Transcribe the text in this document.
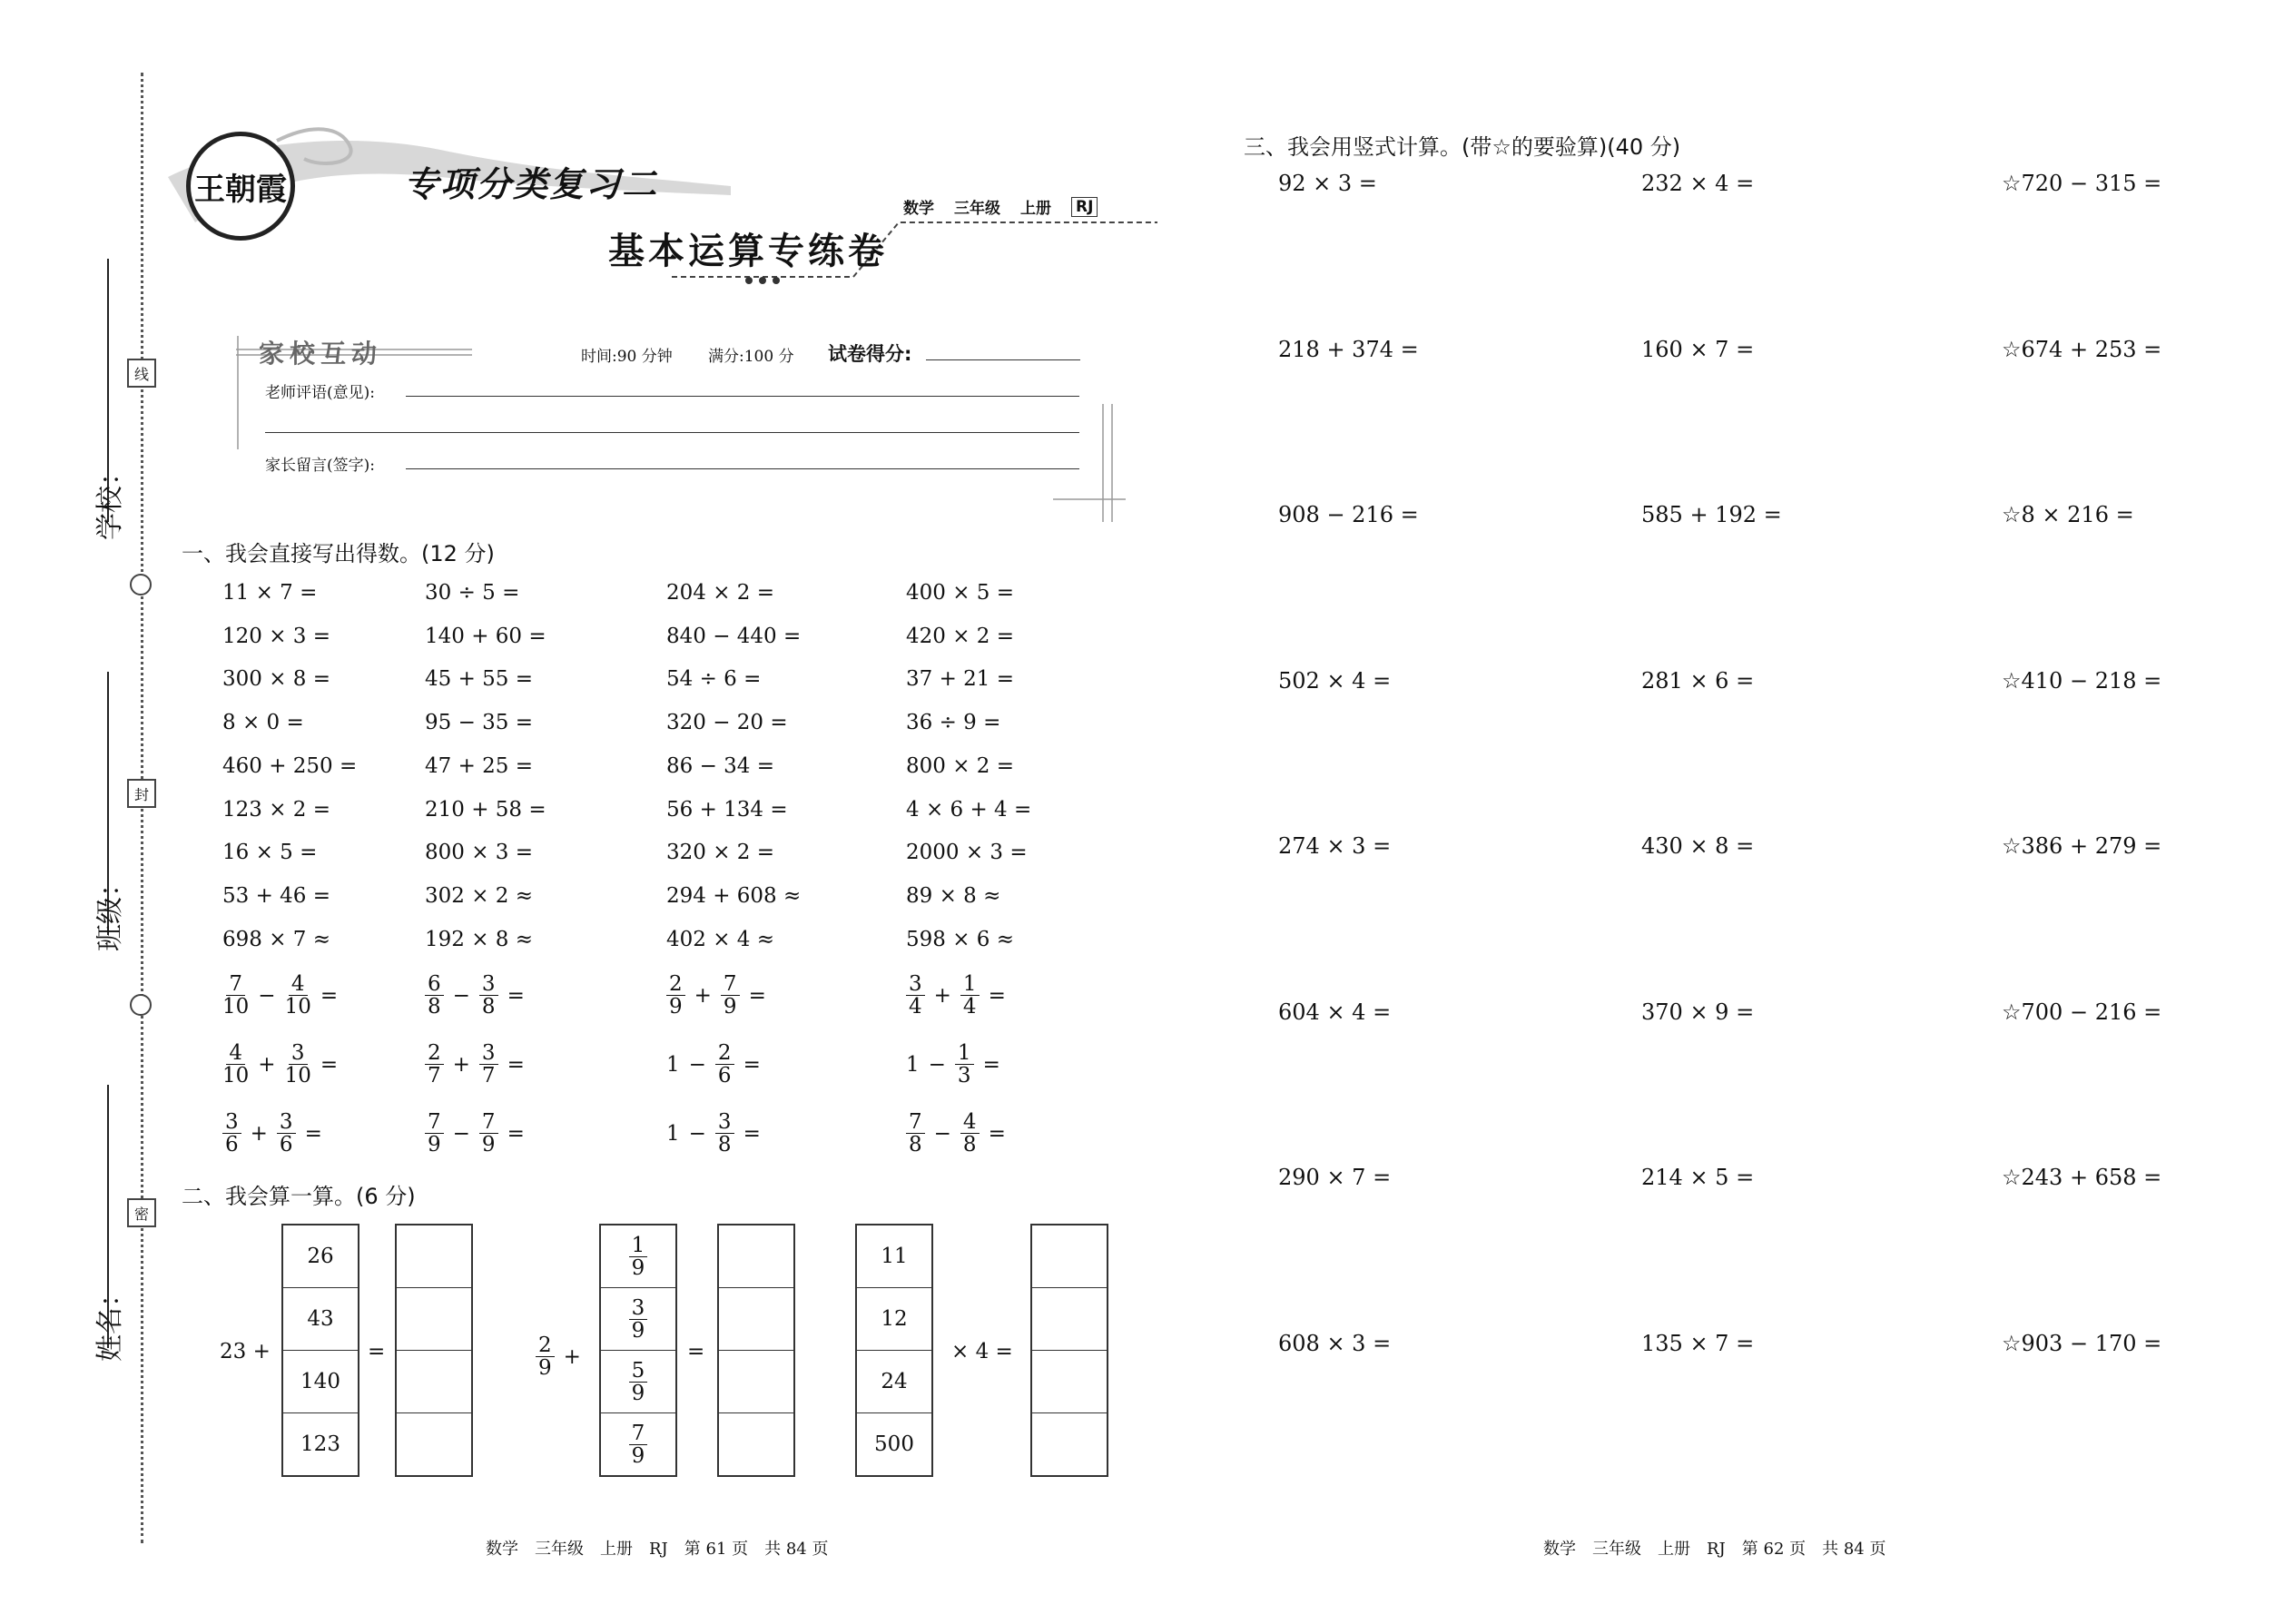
学校：
班级：
姓名：
线
封
密
王朝霞	专项分类复习二
数学 三年级 上册 RJ
基本运算专练卷
家校互动	时间:90 分钟 满分:100 分 试卷得分:
老师评语(意见):
家长留言(签字):
一、我会直接写出得数。(12 分)
11 × 7 =	30 ÷ 5 =	204 × 2 =	400 × 5 =
120 × 3 =	140 + 60 =	840 − 440 =	420 × 2 =
300 × 8 =	45 + 55 =	54 ÷ 6 =	37 + 21 =
8 × 0 =	95 − 35 =	320 − 20 =	36 ÷ 9 =
460 + 250 =	47 + 25 =	86 − 34 =	800 × 2 =
123 × 2 =	210 + 58 =	56 + 134 =	4 × 6 + 4 =
16 × 5 =	800 × 3 =	320 × 2 =	2000 × 3 =
53 + 46 =	302 × 2 ≈	294 + 608 ≈	89 × 8 ≈
698 × 7 ≈	192 × 8 ≈	402 × 4 ≈	598 × 6 ≈
$\frac{7}{10} - \frac{4}{10}$ =	$\frac{6}{8} - \frac{3}{8}$ =	$\frac{2}{9} + \frac{7}{9}$ =	$\frac{3}{4} + \frac{1}{4}$ =
$\frac{4}{10} + \frac{3}{10}$ =	$\frac{2}{7} + \frac{3}{7}$ =	$1 - \frac{2}{6}$ =	$1 - \frac{1}{3}$ =
$\frac{3}{6} + \frac{3}{6}$ =	$\frac{7}{9} - \frac{7}{9}$ =	$1 - \frac{3}{8}$ =	$\frac{7}{8} - \frac{4}{8}$ =
二、我会算一算。(6 分)
23 +
26
43
140
123
=	$\frac{2}{9}$ +
$\frac{1}{9}$
$\frac{3}{9}$
$\frac{5}{9}$
$\frac{7}{9}$
=
11
12
24
500
× 4 =
三、我会用竖式计算。(带☆的要验算)(40 分)
92 × 3 =	232 × 4 =	☆720 − 315 =
218 + 374 =	160 × 7 =	☆674 + 253 =
908 − 216 =	585 + 192 =	☆8 × 216 =
502 × 4 =	281 × 6 =	☆410 − 218 =
274 × 3 =	430 × 8 =	☆386 + 279 =
604 × 4 =	370 × 9 =	☆700 − 216 =
290 × 7 =	214 × 5 =	☆243 + 658 =
608 × 3 =	135 × 7 =	☆903 − 170 =
数学　三年级　上册　RJ　第 61 页　共 84 页	数学　三年级　上册　RJ　第 62 页　共 84 页
